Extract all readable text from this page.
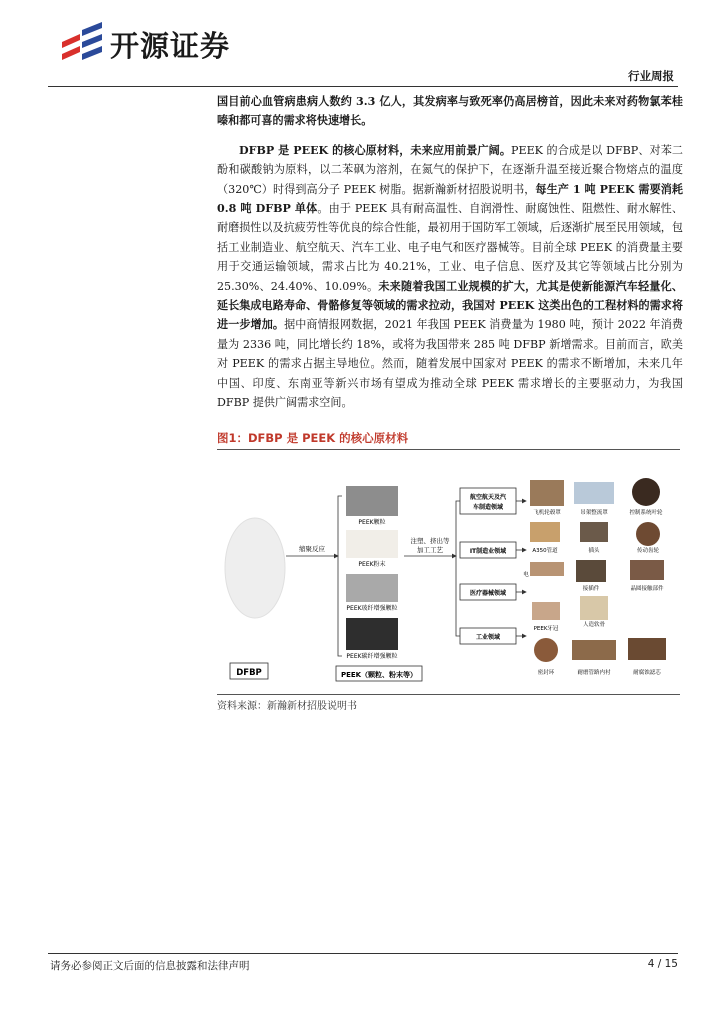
开源证券
行业周报

国目前心血管病患病人数约 3.3 亿人，其发病率与致死率仍高居榜首，因此未来对药物氯苯桂嗪和都可喜的需求将快速增长。

DFBP 是 PEEK 的核心原材料，未来应用前景广阔。PEEK 的合成是以 DFBP、对苯二酚和碳酸钠为原料，以二苯砜为溶剂，在氮气的保护下，在逐渐升温至接近聚合物熔点的温度（320℃）时得到高分子 PEEK 树脂。据新瀚新材招股说明书，每生产 1 吨 PEEK 需要消耗 0.8 吨 DFBP 单体。由于 PEEK 具有耐高温性、自润滑性、耐腐蚀性、阻燃性、耐水解性、耐磨损性以及抗疲劳性等优良的综合性能，最初用于国防军工领域，后逐渐扩展至民用领域，包括工业制造业、航空航天、汽车工业、电子电气和医疗器械等。目前全球 PEEK 的消费量主要用于交通运输领域，需求占比为 40.21%，工业、电子信息、医疗及其它等领域占比分别为 25.30%、24.40%、10.09%。未来随着我国工业规模的扩大，尤其是使新能源汽车轻量化、延长集成电路寿命、骨骼修复等领域的需求拉动，我国对 PEEK 这类出色的工程材料的需求将进一步增加。据中商情报网数据，2021 年我国 PEEK 消费量为 1980 吨，预计 2022 年消费量为 2336 吨，同比增长约 18%，或将为我国带来 285 吨 DFBP 新增需求。目前而言，欧美对 PEEK 的需求占据主导地位。然而，随着发展中国家对 PEEK 的需求不断增加，未来几年中国、印度、东南亚等新兴市场有望成为推动全球 PEEK 需求增长的主要驱动力，为我国 DFBP 提供广阔需求空间。

图1：DFBP 是 PEEK 的核心原材料
DFBP
缩聚反应
PEEK颗粒
PEEK粉末
PEEK玻纤增强颗粒
PEEK碳纤增强颗粒
PEEK（颗粒、粉末等）
注塑、挤出等
加工工艺
航空航天及汽
车制造领域
IT制造业领域
医疗器械领域
工业领域
飞机轮毂罩	吊架整流罩	控制系统叶轮
A350管道	插头	传动齿轮
电
接插件	晶圆接触部件
PEEK牙冠
人造软骨
密封环	耐磨管路内衬	耐腐蚀滤芯
资料来源：新瀚新材招股说明书
请务必参阅正文后面的信息披露和法律声明	4 / 15
